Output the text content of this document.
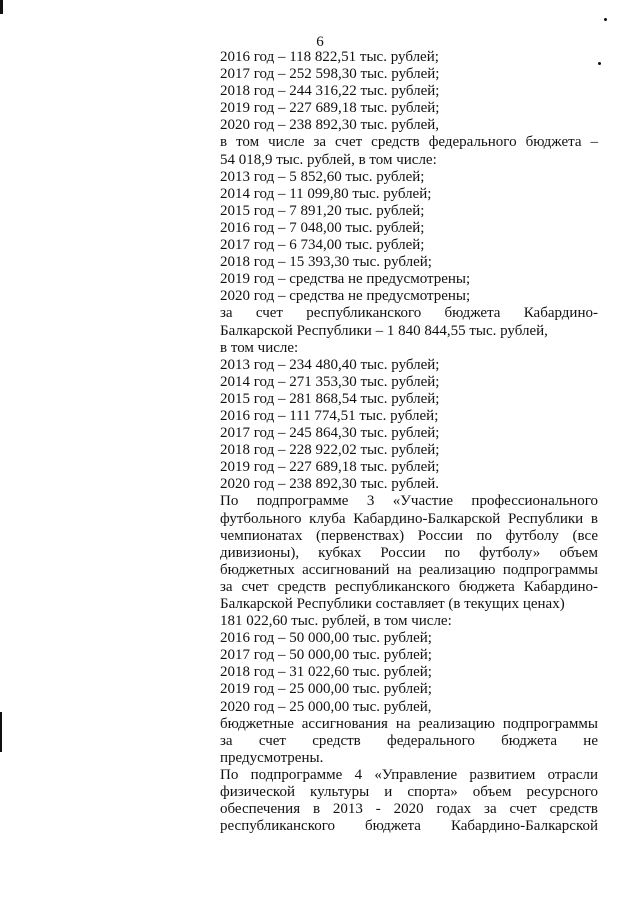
6
2016 год – 118 822,51 тыс. рублей;
2017 год – 252 598,30 тыс. рублей;
2018 год – 244 316,22 тыс. рублей;
2019 год – 227 689,18 тыс. рублей;
2020 год – 238 892,30 тыс. рублей,
в том числе за счет средств федерального бюджета –
54 018,9 тыс. рублей, в том числе:
2013 год – 5 852,60 тыс. рублей;
2014 год – 11 099,80 тыс. рублей;
2015 год – 7 891,20 тыс. рублей;
2016 год – 7 048,00 тыс. рублей;
2017 год – 6 734,00 тыс. рублей;
2018 год – 15 393,30 тыс. рублей;
2019 год – средства не предусмотрены;
2020 год – средства не предусмотрены;
за счет республиканского бюджета Кабардино-
Балкарской Республики – 1 840 844,55 тыс. рублей,
в том числе:
2013 год – 234 480,40 тыс. рублей;
2014 год – 271 353,30 тыс. рублей;
2015 год – 281 868,54 тыс. рублей;
2016 год – 111 774,51 тыс. рублей;
2017 год – 245 864,30 тыс. рублей;
2018 год – 228 922,02 тыс. рублей;
2019 год – 227 689,18 тыс. рублей;
2020 год – 238 892,30 тыс. рублей.
По подпрограмме 3 «Участие профессионального
футбольного клуба Кабардино-Балкарской Республики в
чемпионатах (первенствах) России по футболу (все
дивизионы), кубках России по футболу» объем
бюджетных ассигнований на реализацию подпрограммы
за счет средств республиканского бюджета Кабардино-
Балкарской Республики составляет (в текущих ценах)
181 022,60 тыс. рублей, в том числе:
2016 год – 50 000,00 тыс. рублей;
2017 год – 50 000,00 тыс. рублей;
2018 год – 31 022,60 тыс. рублей;
2019 год – 25 000,00 тыс. рублей;
2020 год – 25 000,00 тыс. рублей,
бюджетные ассигнования на реализацию подпрограммы
за счет средств федерального бюджета не
предусмотрены.
По подпрограмме 4 «Управление развитием отрасли
физической культуры и спорта» объем ресурсного
обеспечения в 2013 - 2020 годах за счет средств
республиканского бюджета Кабардино-Балкарской
